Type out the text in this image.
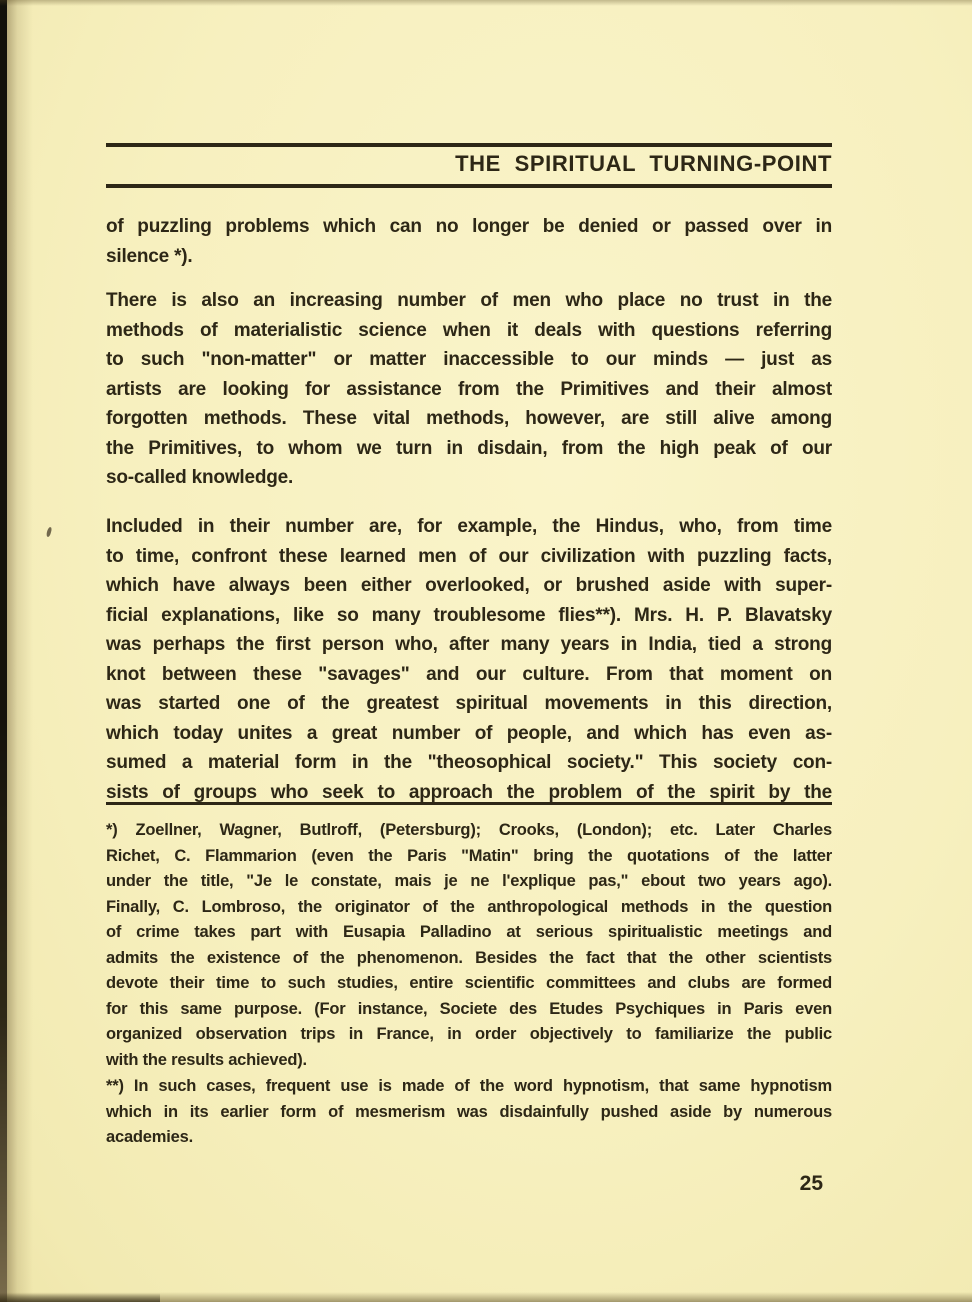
THE SPIRITUAL TURNING-POINT
of puzzling problems which can no longer be denied or passed over in
silence *).
There is also an increasing number of men who place no trust in the
methods of materialistic science when it deals with questions referring
to such "non-matter" or matter inaccessible to our minds — just as
artists are looking for assistance from the Primitives and their almost
forgotten methods. These vital methods, however, are still alive among
the Primitives, to whom we turn in disdain, from the high peak of our
so-called knowledge.
Included in their number are, for example, the Hindus, who, from time
to time, confront these learned men of our civilization with puzzling facts,
which have always been either overlooked, or brushed aside with super-
ficial explanations, like so many troublesome flies**). Mrs. H. P. Blavatsky
was perhaps the first person who, after many years in India, tied a strong
knot between these "savages" and our culture. From that moment on
was started one of the greatest spiritual movements in this direction,
which today unites a great number of people, and which has even as-
sumed a material form in the "theosophical society." This society con-
sists of groups who seek to approach the problem of the spirit by the
*) Zoellner, Wagner, Butlroff, (Petersburg); Crooks, (London); etc. Later Charles
Richet, C. Flammarion (even the Paris "Matin" bring the quotations of the latter
under the title, "Je le constate, mais je ne l'explique pas," ebout two years ago).
Finally, C. Lombroso, the originator of the anthropological methods in the question
of crime takes part with Eusapia Palladino at serious spiritualistic meetings and
admits the existence of the phenomenon. Besides the fact that the other scientists
devote their time to such studies, entire scientific committees and clubs are formed
for this same purpose. (For instance, Societe des Etudes Psychiques in Paris even
organized observation trips in France, in order objectively to familiarize the public
with the results achieved).
**) In such cases, frequent use is made of the word hypnotism, that same hypnotism
which in its earlier form of mesmerism was disdainfully pushed aside by numerous
academies.
25
